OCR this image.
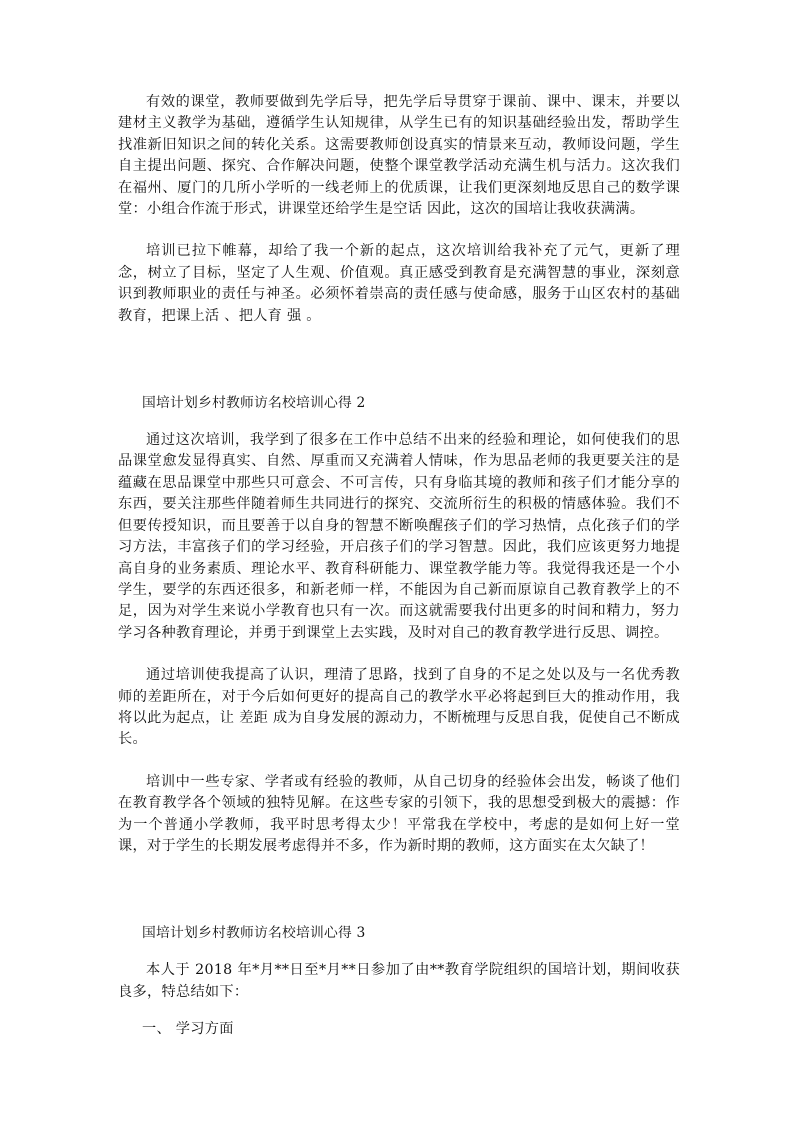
有效的课堂，教师要做到先学后导，把先学后导贯穿于课前、课中、课末，并要以建材主义教学为基础，遵循学生认知规律，从学生已有的知识基础经验出发，帮助学生找准新旧知识之间的转化关系。这需要教师创设真实的情景来互动，教师设问题，学生自主提出问题、探究、合作解决问题，使整个课堂教学活动充满生机与活力。这次我们在福州、厦门的几所小学听的一线老师上的优质课，让我们更深刻地反思自己的数学课堂：小组合作流于形式，讲课堂还给学生是空话 因此，这次的国培让我收获满满。

培训已拉下帷幕，却给了我一个新的起点，这次培训给我补充了元气，更新了理念，树立了目标，坚定了人生观、价值观。真正感受到教育是充满智慧的事业，深刻意识到教师职业的责任与神圣。必须怀着崇高的责任感与使命感，服务于山区农村的基础教育，把课上活 、把人育 强 。

国培计划乡村教师访名校培训心得 2

通过这次培训，我学到了很多在工作中总结不出来的经验和理论，如何使我们的思品课堂愈发显得真实、自然、厚重而又充满着人情味，作为思品老师的我更要关注的是蕴藏在思品课堂中那些只可意会、不可言传，只有身临其境的教师和孩子们才能分享的东西，要关注那些伴随着师生共同进行的探究、交流所衍生的积极的情感体验。我们不但要传授知识，而且要善于以自身的智慧不断唤醒孩子们的学习热情，点化孩子们的学习方法，丰富孩子们的学习经验，开启孩子们的学习智慧。因此，我们应该更努力地提高自身的业务素质、理论水平、教育科研能力、课堂教学能力等。我觉得我还是一个小学生，要学的东西还很多，和新老师一样，不能因为自己新而原谅自己教育教学上的不足，因为对学生来说小学教育也只有一次。而这就需要我付出更多的时间和精力，努力学习各种教育理论，并勇于到课堂上去实践，及时对自己的教育教学进行反思、调控。

通过培训使我提高了认识，理清了思路，找到了自身的不足之处以及与一名优秀教师的差距所在，对于今后如何更好的提高自己的教学水平必将起到巨大的推动作用，我将以此为起点，让 差距 成为自身发展的源动力，不断梳理与反思自我，促使自己不断成长。

培训中一些专家、学者或有经验的教师，从自己切身的经验体会出发，畅谈了他们在教育教学各个领域的独特见解。在这些专家的引领下，我的思想受到极大的震撼：作为一个普通小学教师，我平时思考得太少！平常我在学校中，考虑的是如何上好一堂课，对于学生的长期发展考虑得并不多，作为新时期的教师，这方面实在太欠缺了！

国培计划乡村教师访名校培训心得 3

本人于 2018 年*月**日至*月**日参加了由**教育学院组织的国培计划，期间收获良多，特总结如下：

一、 学习方面
